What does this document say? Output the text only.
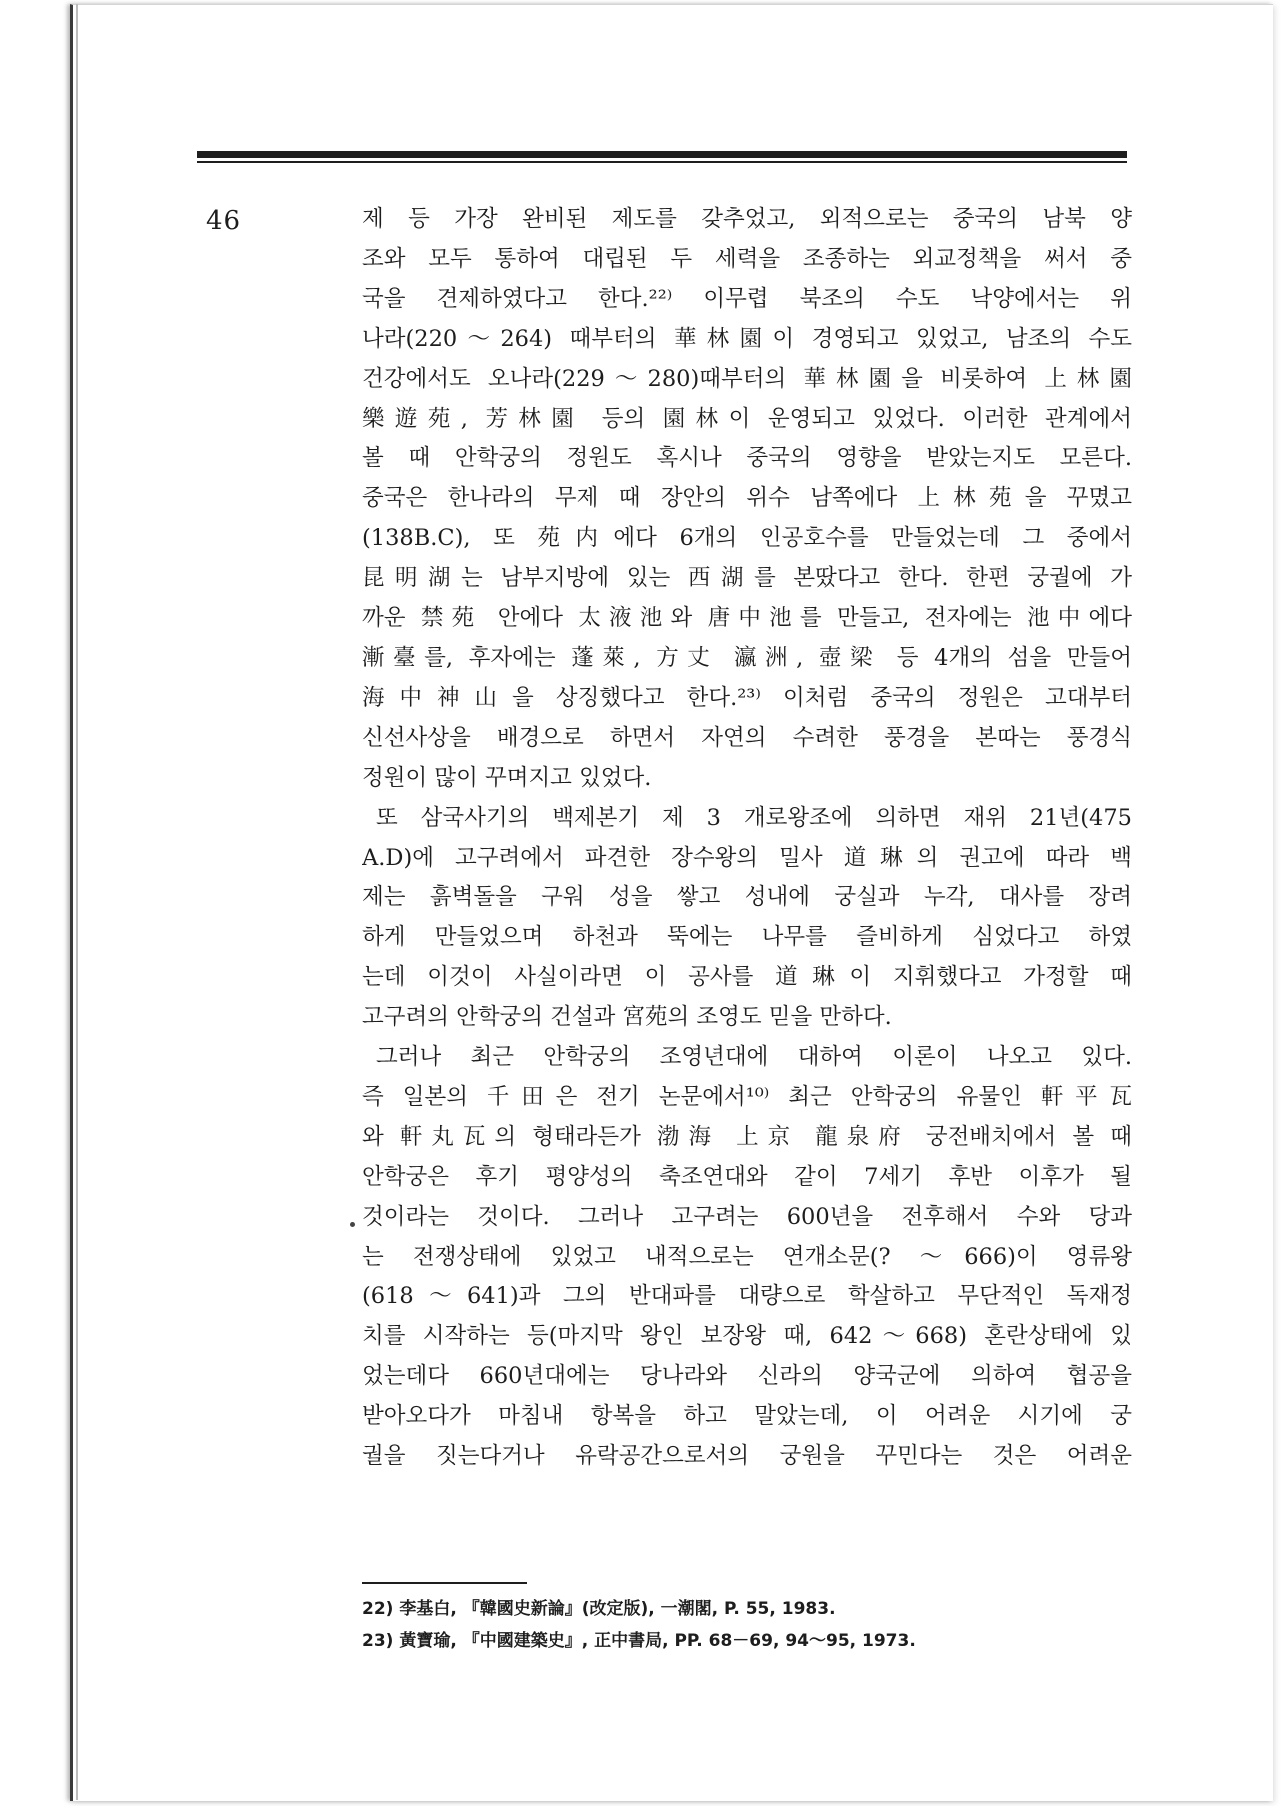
46	제 등 가장 완비된 제도를 갖추었고, 외적으로는 중국의 남북 양
조와 모두 통하여 대립된 두 세력을 조종하는 외교정책을 써서 중
국을 견제하였다고 한다.²²⁾ 이무렵 북조의 수도 낙양에서는 위
나라(220～264) 때부터의 華林園이 경영되고 있었고, 남조의 수도
건강에서도 오나라(229～280)때부터의 華林園을 비롯하여 上林園
樂遊苑, 芳林園 등의 園林이 운영되고 있었다. 이러한 관계에서
볼 때 안학궁의 정원도 혹시나 중국의 영향을 받았는지도 모른다.
중국은 한나라의 무제 때 장안의 위수 남쪽에다 上林苑을 꾸몄고
(138B.C), 또 苑内에다 6개의 인공호수를 만들었는데 그 중에서
昆明湖는 남부지방에 있는 西湖를 본땄다고 한다. 한편 궁궐에 가
까운 禁苑 안에다 太液池와 唐中池를 만들고, 전자에는 池中에다
漸臺를, 후자에는 蓬萊, 方丈 瀛洲, 壺梁 등 4개의 섬을 만들어
海中神山을 상징했다고 한다.²³⁾ 이처럼 중국의 정원은 고대부터
신선사상을 배경으로 하면서 자연의 수려한 풍경을 본따는 풍경식
정원이 많이 꾸며지고 있었다.
또 삼국사기의 백제본기 제 3 개로왕조에 의하면 재위 21년(475
A.D)에 고구려에서 파견한 장수왕의 밀사 道琳의 권고에 따라 백
제는 흙벽돌을 구워 성을 쌓고 성내에 궁실과 누각, 대사를 장려
하게 만들었으며 하천과 뚝에는 나무를 즐비하게 심었다고 하였
는데 이것이 사실이라면 이 공사를 道琳이 지휘했다고 가정할 때
고구려의 안학궁의 건설과 宮苑의 조영도 믿을 만하다.
그러나 최근 안학궁의 조영년대에 대하여 이론이 나오고 있다.
즉 일본의 千田은 전기 논문에서¹⁰⁾ 최근 안학궁의 유물인 軒平瓦
와 軒丸瓦의 형태라든가 渤海 上京 龍泉府 궁전배치에서 볼 때
안학궁은 후기 평양성의 축조연대와 같이 7세기 후반 이후가 될
것이라는 것이다. 그러나 고구려는 600년을 전후해서 수와 당과
는 전쟁상태에 있었고 내적으로는 연개소문(? ～666)이 영류왕
(618～641)과 그의 반대파를 대량으로 학살하고 무단적인 독재정
치를 시작하는 등(마지막 왕인 보장왕 때, 642～668) 혼란상태에 있
었는데다 660년대에는 당나라와 신라의 양국군에 의하여 협공을
받아오다가 마침내 항복을 하고 말았는데, 이 어려운 시기에 궁
궐을 짓는다거나 유락공간으로서의 궁원을 꾸민다는 것은 어려운
22) 李基白, 『韓國史新論』(改定版), 一潮閣, P. 55, 1983.
23) 黃寶瑜, 『中國建築史』, 正中書局, PP. 68－69, 94～95, 1973.
